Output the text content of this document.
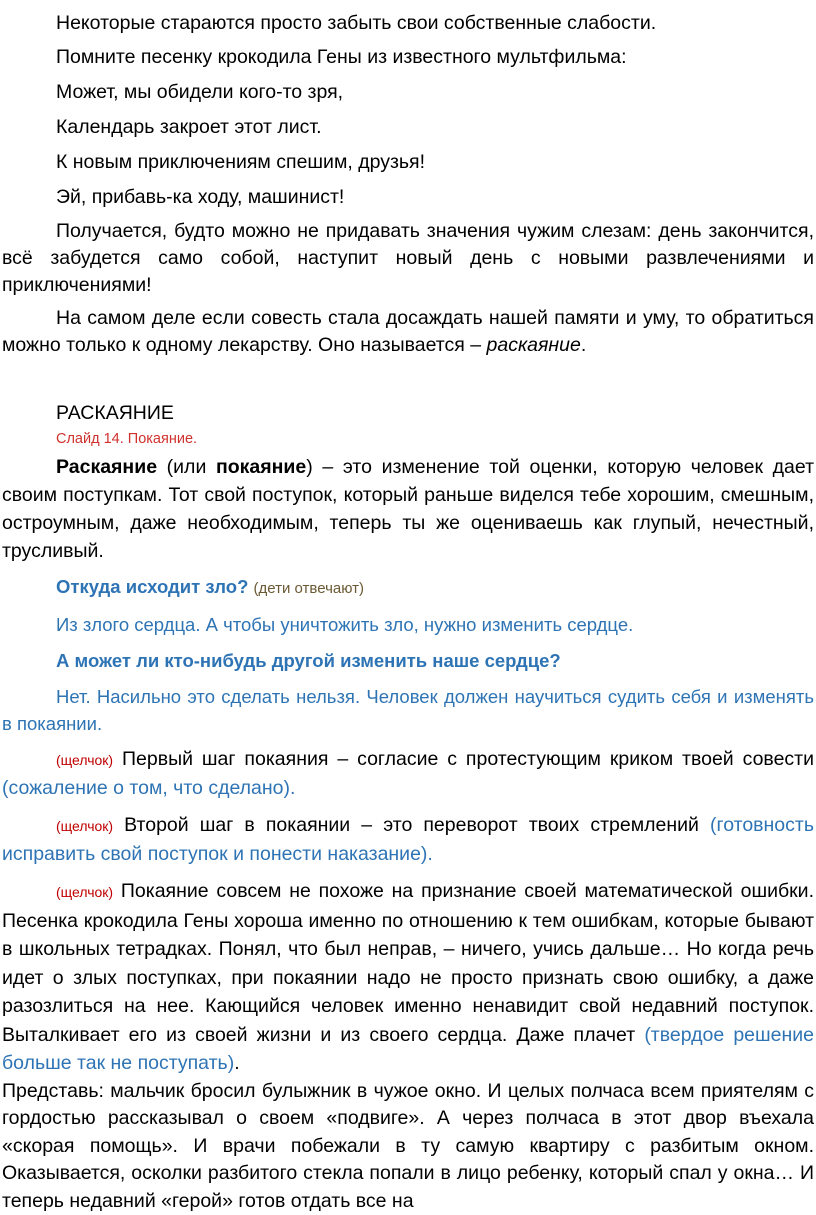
Некоторые стараются просто забыть свои собственные слабости.

Помните песенку крокодила Гены из известного мультфильма:

Может, мы обидели кого-то зря,

Календарь закроет этот лист.

К новым приключениям спешим, друзья!

Эй, прибавь-ка ходу, машинист!

Получается, будто можно не придавать значения чужим слезам: день закончится, всё забудется само собой, наступит новый день с новыми развлечениями и приключениями!

На самом деле если совесть стала досаждать нашей памяти и уму, то обратиться можно только к одному лекарству. Оно называется – раскаяние.

РАСКАЯНИЕ

Слайд 14. Покаяние.

Раскаяние (или покаяние) – это изменение той оценки, которую человек дает своим поступкам. Тот свой поступок, который раньше виделся тебе хорошим, смешным, остроумным, даже необходимым, теперь ты же оцениваешь как глупый, нечестный, трусливый.

Откуда исходит зло? (дети отвечают)

Из злого сердца. А чтобы уничтожить зло, нужно изменить сердце.

А может ли кто-нибудь другой изменить наше сердце?

Нет. Насильно это сделать нельзя. Человек должен научиться судить себя и изменять в покаянии.

(щелчок) Первый шаг покаяния – согласие с протестующим криком твоей совести (сожаление о том, что сделано).

(щелчок) Второй шаг в покаянии – это переворот твоих стремлений (готовность исправить свой поступок и понести наказание).

(щелчок) Покаяние совсем не похоже на признание своей математической ошибки. Песенка крокодила Гены хороша именно по отношению к тем ошибкам, которые бывают в школьных тетрадках. Понял, что был неправ, – ничего, учись дальше… Но когда речь идет о злых поступках, при покаянии надо не просто признать свою ошибку, а даже разозлиться на нее. Кающийся человек именно ненавидит свой недавний поступок. Выталкивает его из своей жизни и из своего сердца. Даже плачет (твердое решение больше так не поступать).

Представь: мальчик бросил булыжник в чужое окно. И целых полчаса всем приятелям с гордостью рассказывал о своем «подвиге». А через полчаса в этот двор въехала «скорая помощь». И врачи побежали в ту самую квартиру с разбитым окном. Оказывается, осколки разбитого стекла попали в лицо ребенку, который спал у окна… И теперь недавний «герой» готов отдать все на
